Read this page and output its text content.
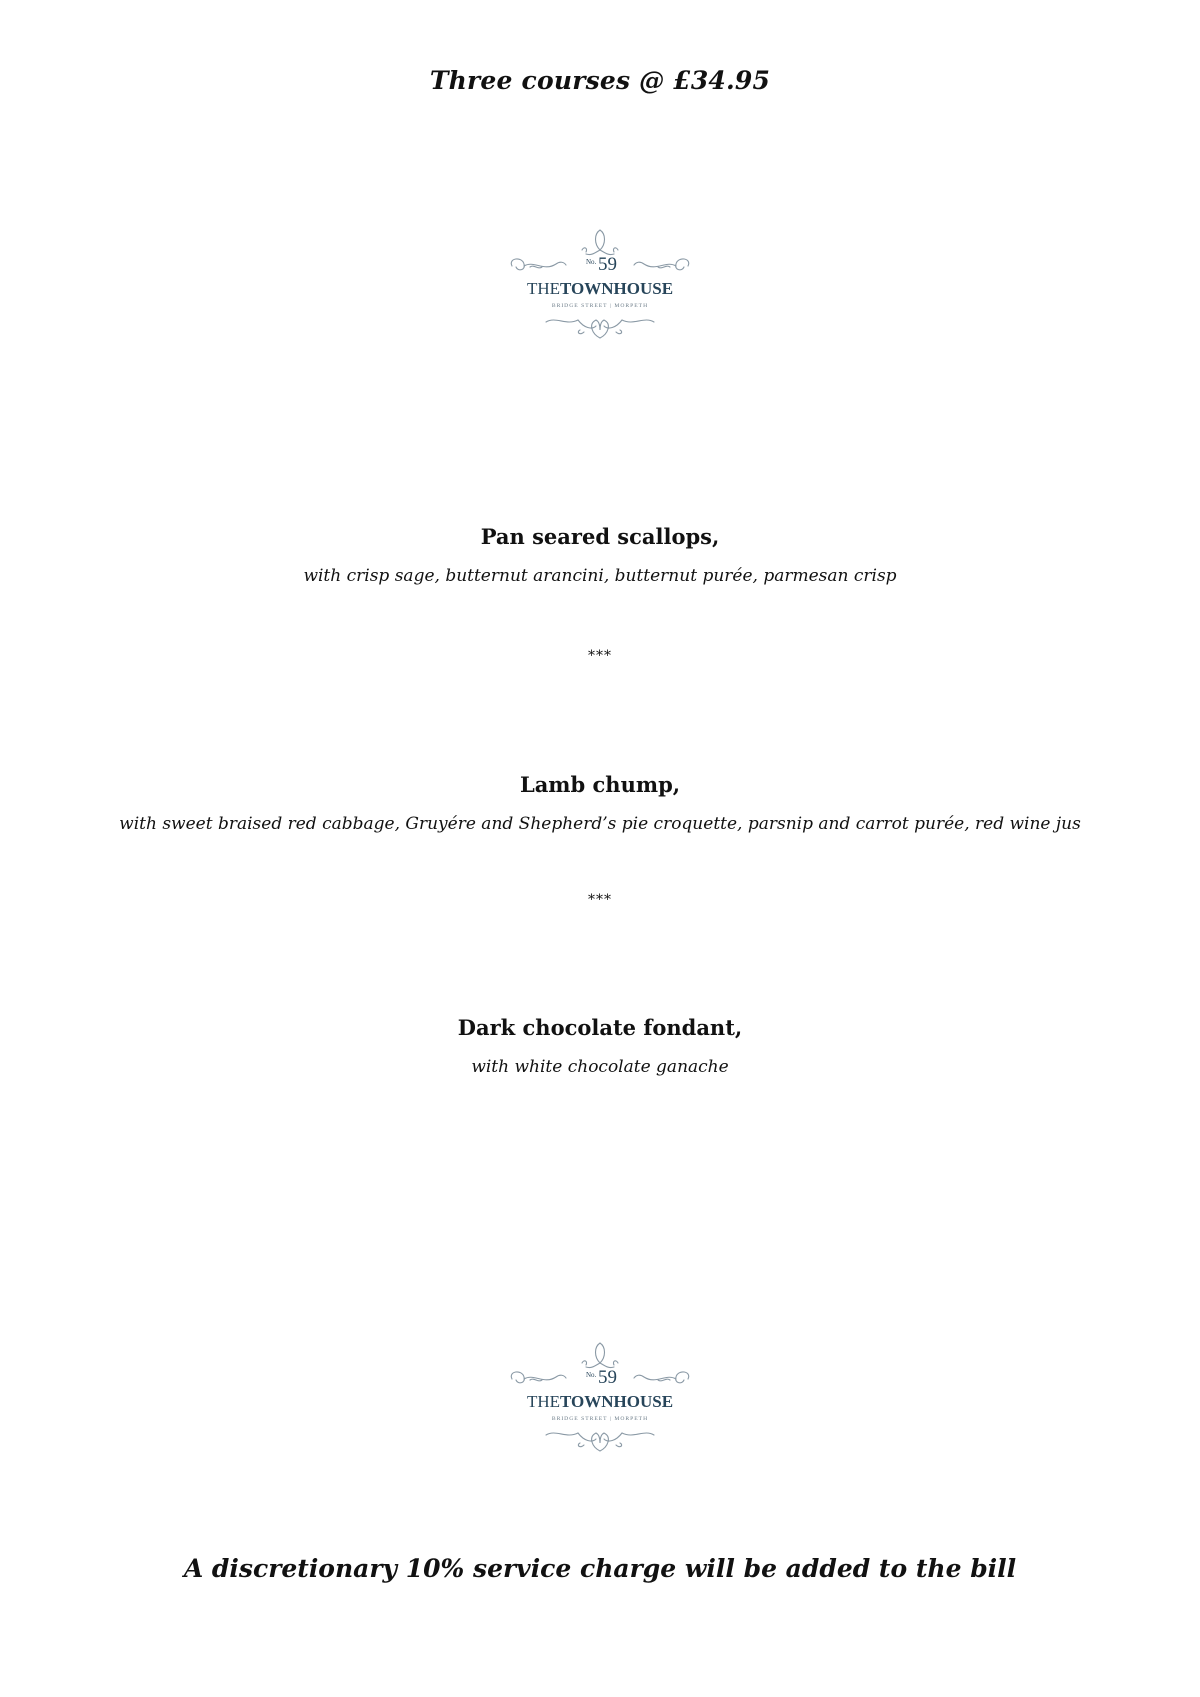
Three courses @ £34.95
No. 59
THETOWNHOUSE
BRIDGE STREET | MORPETH
Pan seared scallops,
with crisp sage, butternut arancini, butternut purée, parmesan crisp
***
Lamb chump,
with sweet braised red cabbage, Gruyére and Shepherd’s pie croquette, parsnip and carrot purée, red wine jus
***
Dark chocolate fondant,
with white chocolate ganache
No. 59
THETOWNHOUSE
BRIDGE STREET | MORPETH
A discretionary 10% service charge will be added to the bill
